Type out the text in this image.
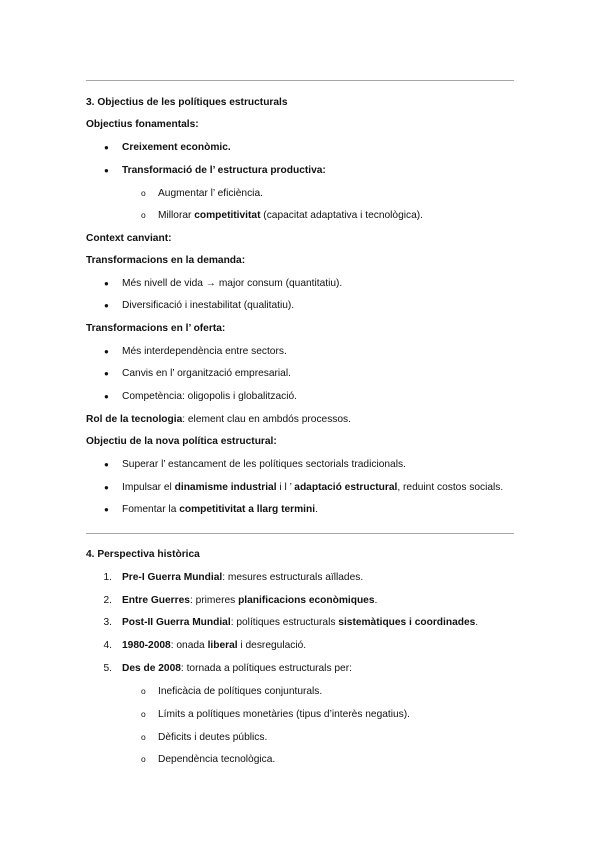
3. Objectius de les polítiques estructurals
Objectius fonamentals:
● Creixement econòmic.
● Transformació de l’ estructura productiva:
o Augmentar l’ eficiència.
o Millorar competitivitat (capacitat adaptativa i tecnològica).
Context canviant:
Transformacions en la demanda:
● Més nivell de vida → major consum (quantitatiu).
● Diversificació i inestabilitat (qualitatiu).
Transformacions en l’ oferta:
● Més interdependència entre sectors.
● Canvis en l’ organització empresarial.
● Competència: oligopolis i globalització.
Rol de la tecnologia: element clau en ambdós processos.
Objectiu de la nova política estructural:
● Superar l’ estancament de les polítiques sectorials tradicionals.
● Impulsar el dinamisme industrial i l ’ adaptació estructural, reduint costos socials.
● Fomentar la competitivitat a llarg termini.
4. Perspectiva històrica
1. Pre-I Guerra Mundial: mesures estructurals aïllades.
2. Entre Guerres: primeres planificacions econòmiques.
3. Post-II Guerra Mundial: polítiques estructurals sistemàtiques i coordinades.
4. 1980-2008: onada liberal i desregulació.
5. Des de 2008: tornada a polítiques estructurals per:
o Ineficàcia de polítiques conjunturals.
o Límits a polítiques monetàries (tipus d’interès negatius).
o Dèficits i deutes públics.
o Dependència tecnològica.
